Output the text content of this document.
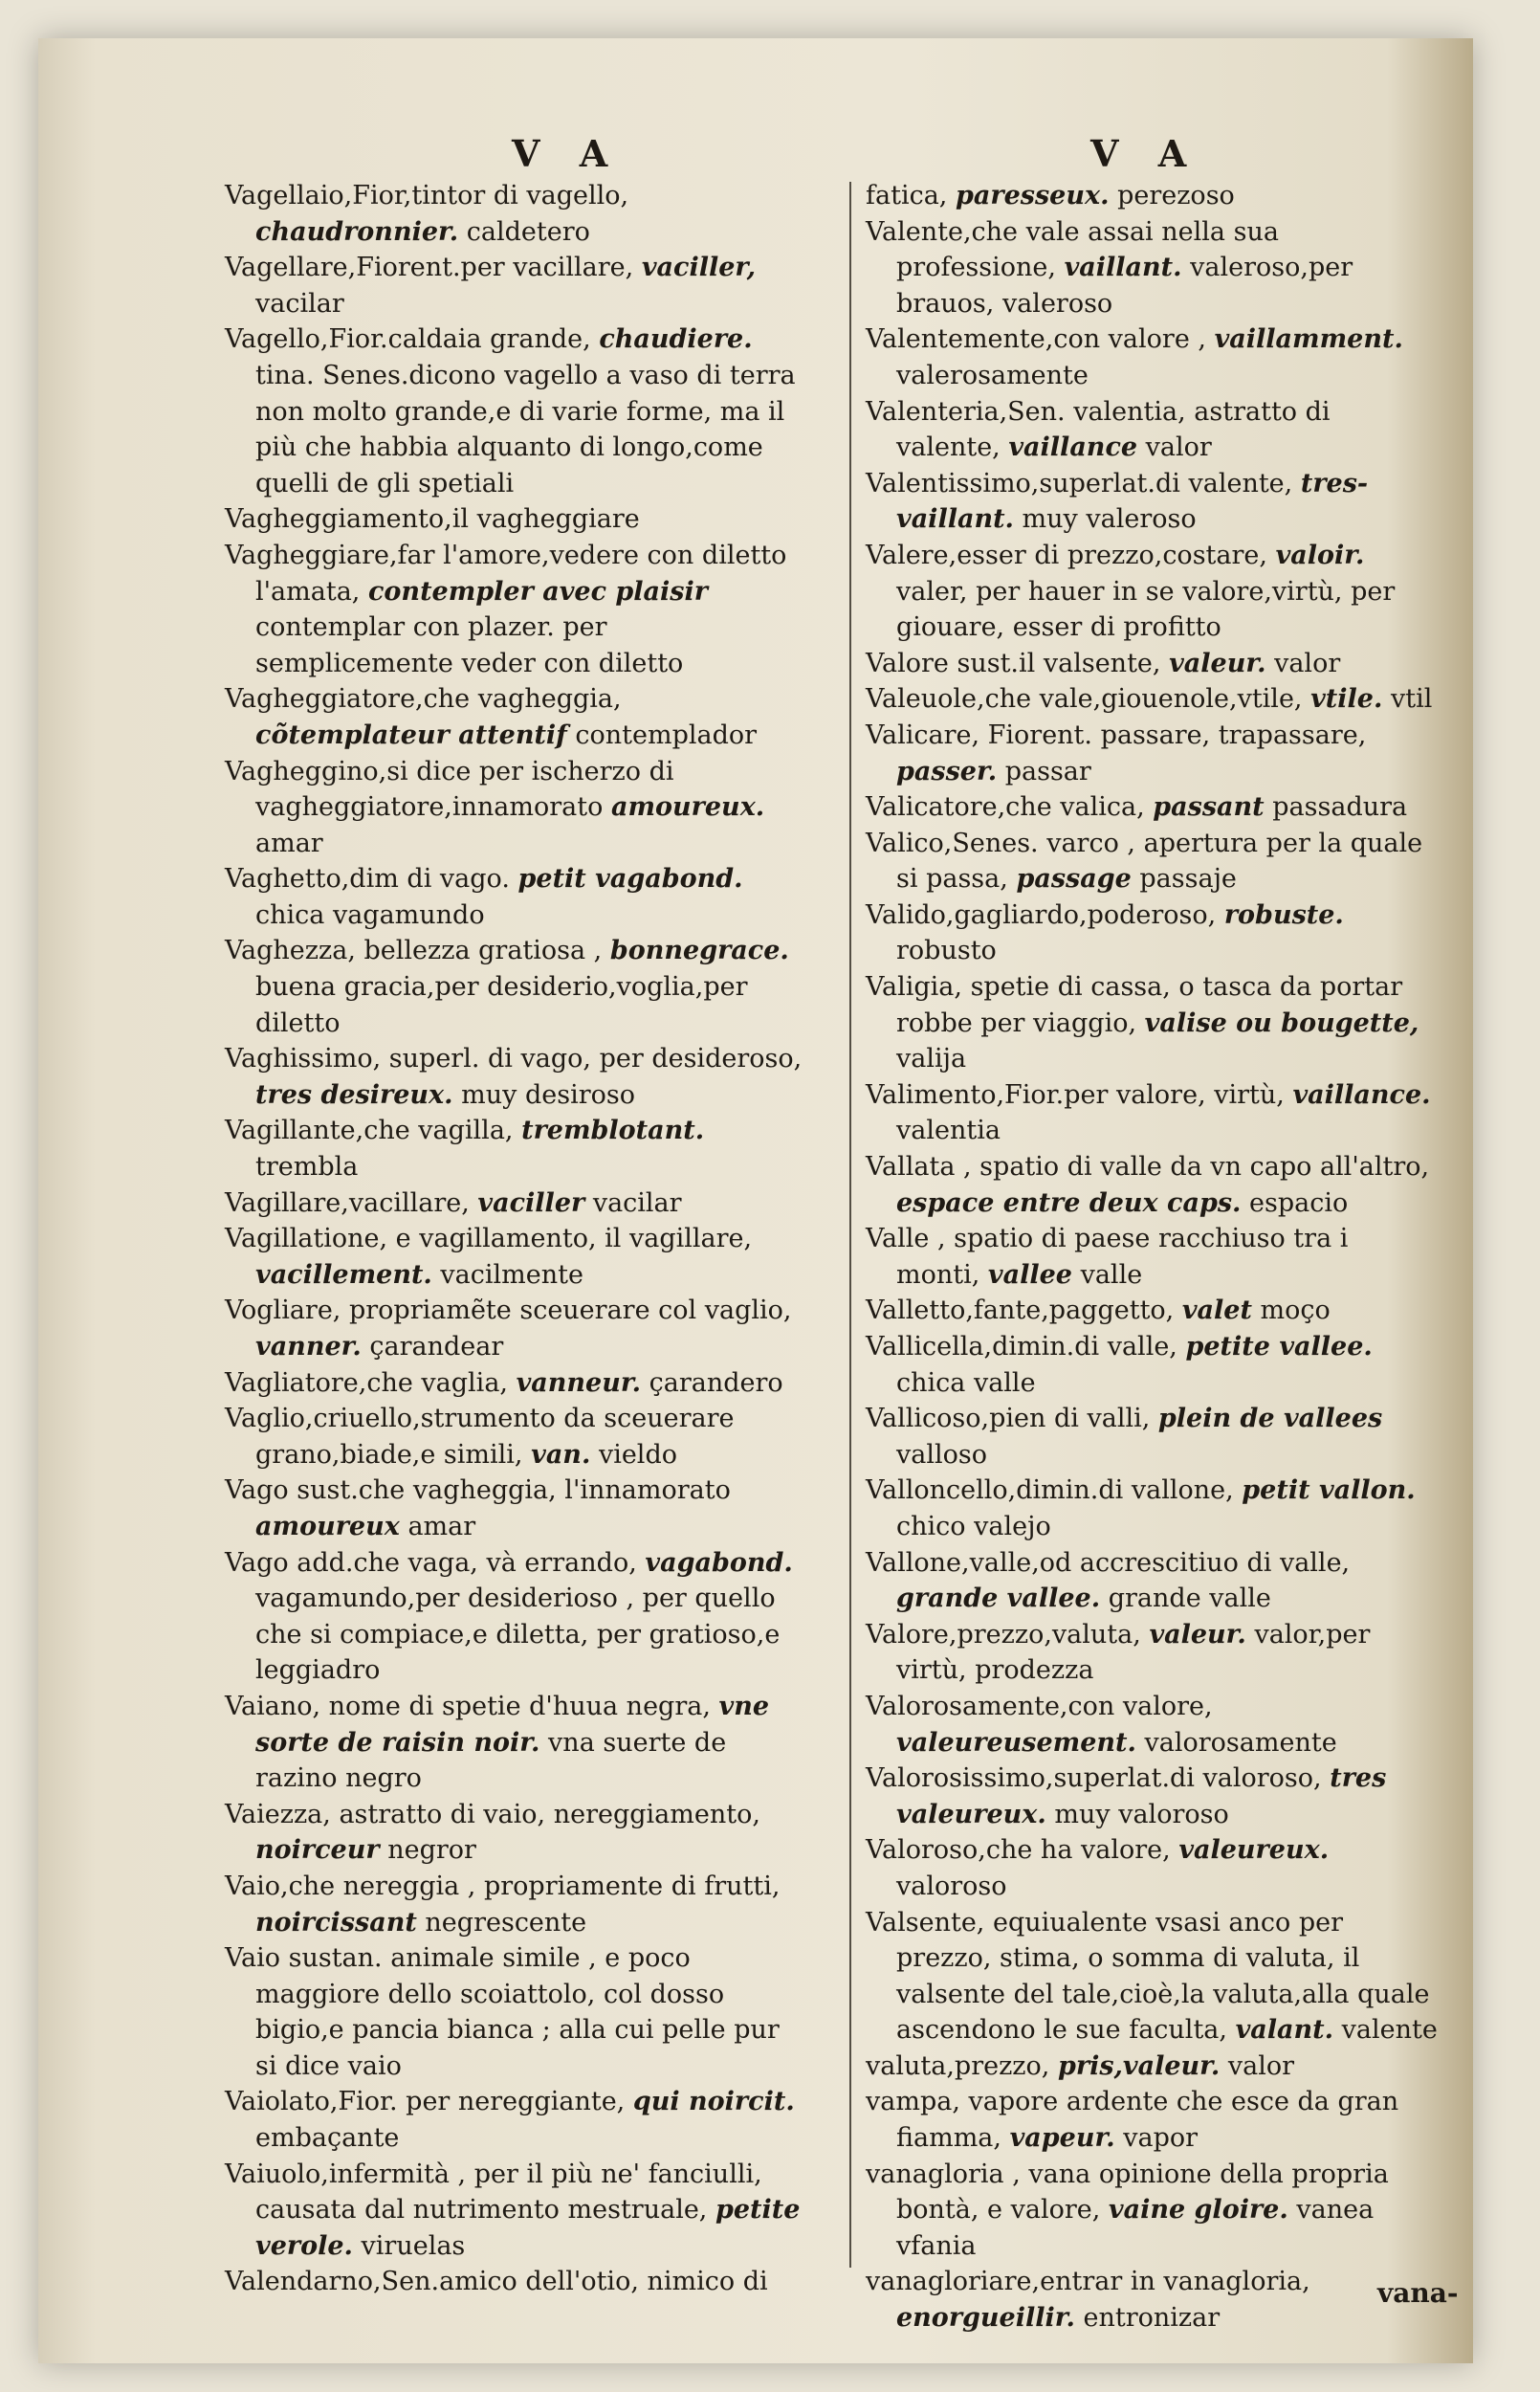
V A	V A
vana-

Vagellaio,Fior,tintor di vagello, chaudronnier. caldetero

Vagellare,Fiorent.per vacillare, vaciller, vacilar

Vagello,Fior.caldaia grande, chaudiere. tina. Senes.dicono vagello a vaso di terra non molto grande,e di varie forme, ma il più che habbia alquanto di longo,come quelli de gli spetiali

Vagheggiamento,il vagheggiare

Vagheggiare,far l'amore,vedere con diletto l'amata, contempler avec plaisir contemplar con plazer. per semplicemente veder con diletto

Vagheggiatore,che vagheggia, cõtemplateur attentif contemplador

Vagheggino,si dice per ischerzo di vagheggiatore,innamorato amoureux. amar

Vaghetto,dim di vago. petit vagabond. chica vagamundo

Vaghezza, bellezza gratiosa , bonnegrace. buena gracia,per desiderio,voglia,per diletto

Vaghissimo, superl. di vago, per desideroso, tres desireux. muy desiroso

Vagillante,che vagilla, tremblotant. trembla

Vagillare,vacillare, vaciller vacilar

Vagillatione, e vagillamento, il vagillare, vacillement. vacilmente

Vogliare, propriamẽte sceuerare col vaglio, vanner. çarandear

Vagliatore,che vaglia, vanneur. çarandero

Vaglio,criuello,strumento da sceuerare grano,biade,e simili, van. vieldo

Vago sust.che vagheggia, l'innamorato amoureux amar

Vago add.che vaga, và errando, vagabond. vagamundo,per desiderioso , per quello che si compiace,e diletta, per gratioso,e leggiadro

Vaiano, nome di spetie d'huua negra, vne sorte de raisin noir. vna suerte de razino negro

Vaiezza, astratto di vaio, nereggiamento, noirceur negror

Vaio,che nereggia , propriamente di frutti, noircissant negrescente

Vaio sustan. animale simile , e poco maggiore dello scoiattolo, col dosso bigio,e pancia bianca ; alla cui pelle pur si dice vaio

Vaiolato,Fior. per nereggiante, qui noircit. embaçante

Vaiuolo,infermità , per il più ne' fanciulli, causata dal nutrimento mestruale, petite verole. viruelas

Valendarno,Sen.amico dell'otio, nimico di

fatica, paresseux. perezoso

Valente,che vale assai nella sua professione, vaillant. valeroso,per brauos, valeroso

Valentemente,con valore , vaillamment. valerosamente

Valenteria,Sen. valentia, astratto di valente, vaillance valor

Valentissimo,superlat.di valente, tres-vaillant. muy valeroso

Valere,esser di prezzo,costare, valoir. valer, per hauer in se valore,virtù, per giouare, esser di profitto

Valore sust.il valsente, valeur. valor

Valeuole,che vale,giouenole,vtile, vtile. vtil

Valicare, Fiorent. passare, trapassare, passer. passar

Valicatore,che valica, passant passadura

Valico,Senes. varco , apertura per la quale si passa, passage passaje

Valido,gagliardo,poderoso, robuste. robusto

Valigia, spetie di cassa, o tasca da portar robbe per viaggio, valise ou bougette, valija

Valimento,Fior.per valore, virtù, vaillance. valentia

Vallata , spatio di valle da vn capo all'altro, espace entre deux caps. espacio

Valle , spatio di paese racchiuso tra i monti, vallee valle

Valletto,fante,paggetto, valet moço

Vallicella,dimin.di valle, petite vallee. chica valle

Vallicoso,pien di valli, plein de vallees valloso

Valloncello,dimin.di vallone, petit vallon. chico valejo

Vallone,valle,od accrescitiuo di valle, grande vallee. grande valle

Valore,prezzo,valuta, valeur. valor,per virtù, prodezza

Valorosamente,con valore, valeureusement. valorosamente

Valorosissimo,superlat.di valoroso, tres valeureux. muy valoroso

Valoroso,che ha valore, valeureux. valoroso

Valsente, equiualente vsasi anco per prezzo, stima, o somma di valuta, il valsente del tale,cioè,la valuta,alla quale ascendono le sue faculta, valant. valente

valuta,prezzo, pris,valeur. valor

vampa, vapore ardente che esce da gran fiamma, vapeur. vapor

vanagloria , vana opinione della propria bontà, e valore, vaine gloire. vanea vfania

vanagloriare,entrar in vanagloria, enorgueillir. entronizar
